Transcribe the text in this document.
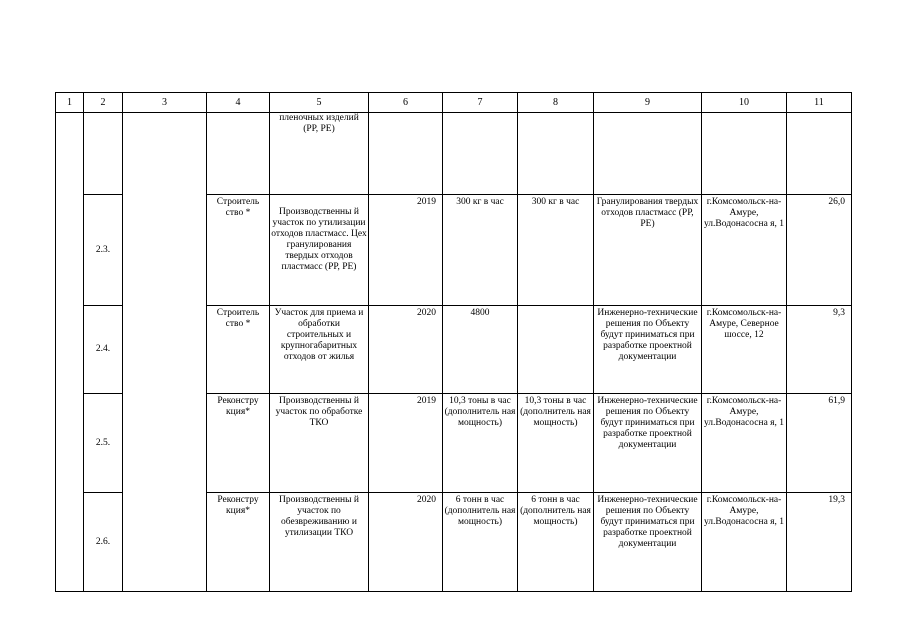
1	2	3	4	5	6	7	8	9	10	11
				пленочных изделий (РР, РЕ)						
	2.3.		Строитель ство *	Производственны й участок по утилизации отходов пластмасс. Цех гранулирования твердых отходов пластмасс (РР, РЕ)	2019	300 кг в час	300 кг в час	Гранулирования твердых отходов пластмасс (РР, РЕ)	г.Комсомольск-на-Амуре, ул.Водонасосна я, 1	26,0
	2.4.		Строитель ство *	Участок для приема и обработки строительных и крупногабаритных отходов от жилья	2020	4800		Инженерно-технические решения по Объекту будут приниматься при разработке проектной документации	г.Комсомольск-на-Амуре, Северное шоссе, 12	9,3
	2.5.		Реконстру кция*	Производственны й участок по обработке ТКО	2019	10,3 тоны в час (дополнитель ная мощность)	10,3 тоны в час (дополнитель ная мощность)	Инженерно-технические решения по Объекту будут приниматься при разработке проектной документации	г.Комсомольск-на-Амуре, ул.Водонасосна я, 1	61,9
	2.6.		Реконстру кция*	Производственны й участок по обезвреживанию и утилизации ТКО	2020	6 тонн в час (дополнитель ная мощность)	6 тонн в час (дополнитель ная мощность)	Инженерно-технические решения по Объекту будут приниматься при разработке проектной документации	г.Комсомольск-на-Амуре, ул.Водонасосна я, 1	19,3
